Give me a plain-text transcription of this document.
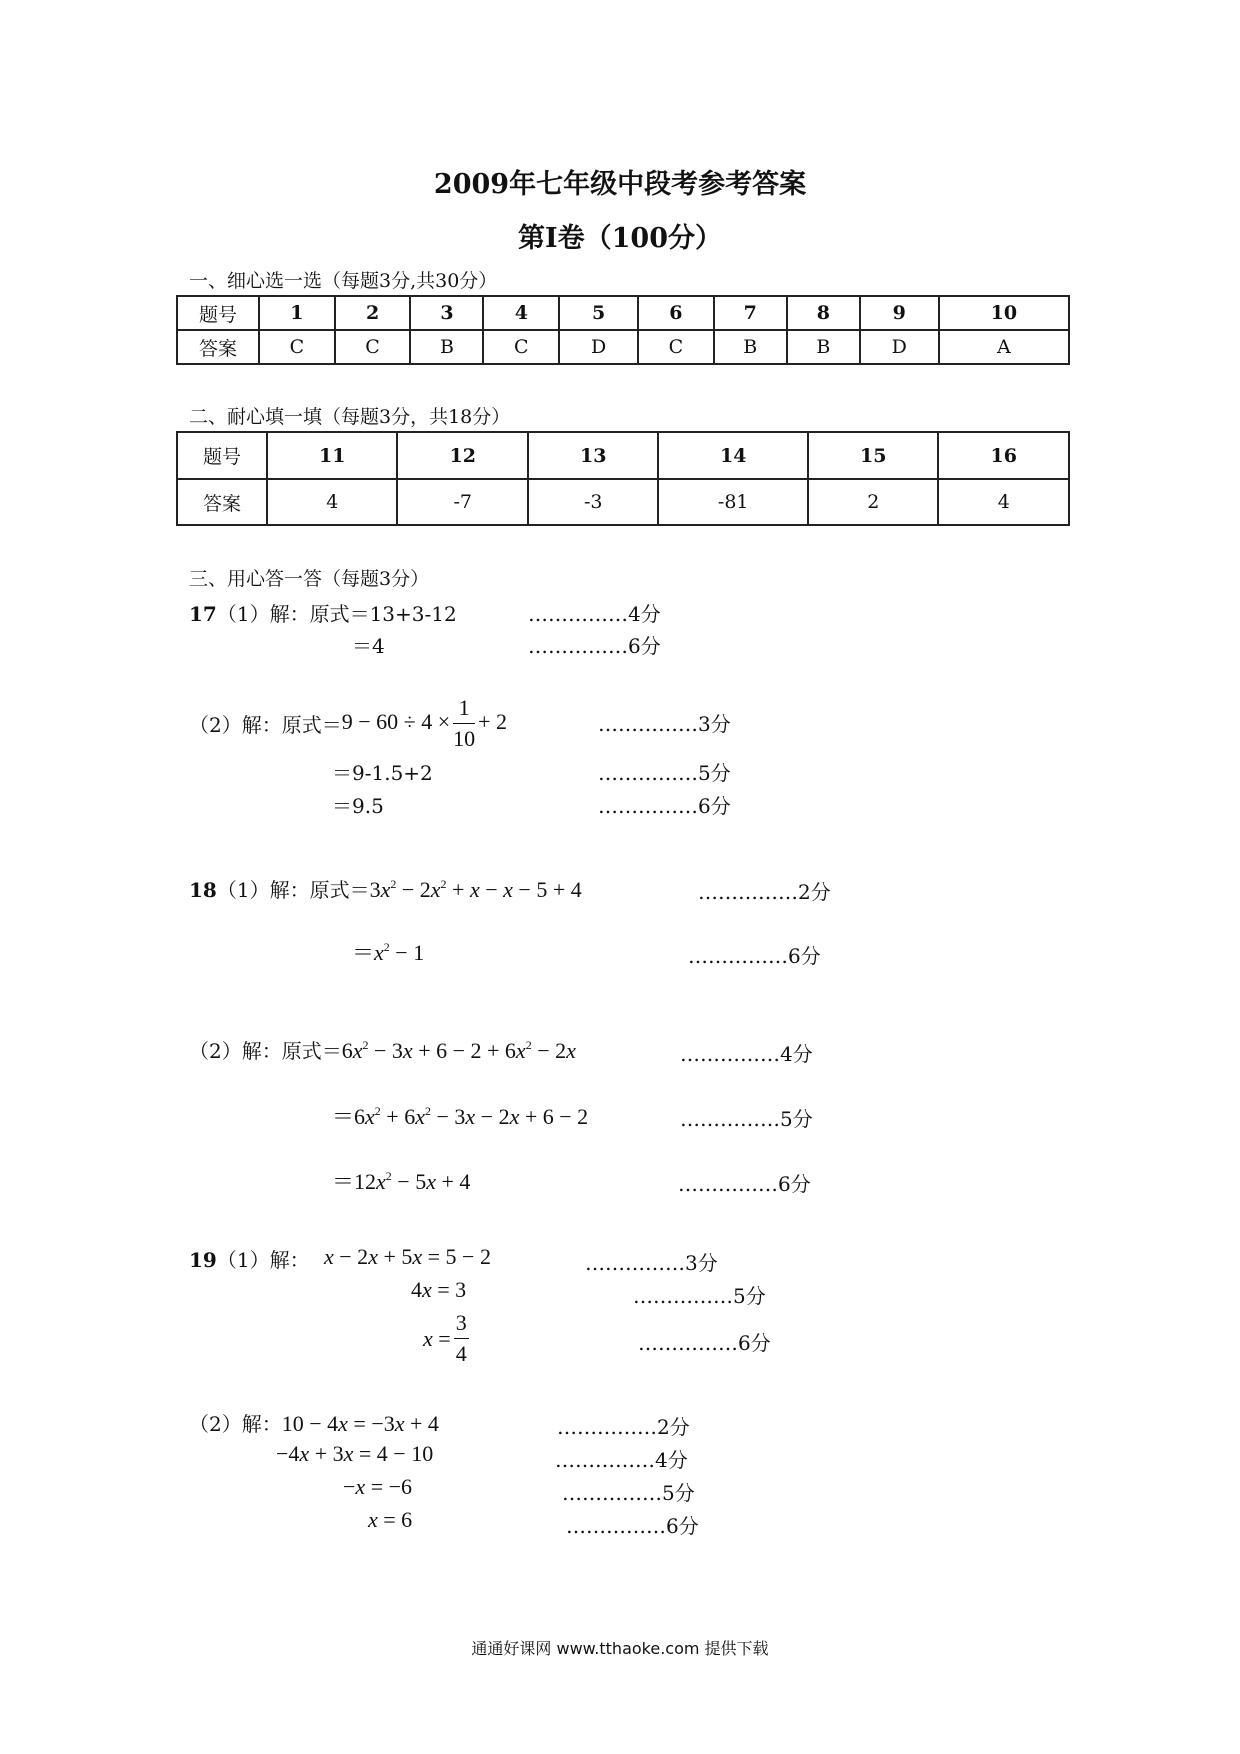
2009年七年级中段考参考答案
第Ⅰ卷（100分）
一、细心选一选（每题3分,共30分）
题号	1	2	3	4	5	6	7	8	9	10
答案	C	C	B	C	D	C	B	B	D	A
二、耐心填一填（每题3分，共18分）
题号	11	12	13	14	15	16
答案	4	-7	-3	-81	2	4
三、用心答一答（每题3分）
17（1）解：原式＝13+3-12	……………4分
＝4	……………6分
（2）解：原式$=9 - 60 \div 4 \times \frac{1}{10} + 2$	……………3分
＝9-1.5+2	……………5分
＝9.5	……………6分
18（1）解：原式$=3x^2 - 2x^2 + x - x - 5 + 4$	……………2分
$=x^2 - 1$	……………6分
（2）解：原式$=6x^2 - 3x + 6 - 2 + 6x^2 - 2x$	……………4分
$=6x^2 + 6x^2 - 3x - 2x + 6 - 2$	……………5分
$=12x^2 - 5x + 4$	……………6分
19（1）解： x − 2x + 5x = 5 − 2	……………3分
4x = 3	……………5分
$x = \frac{3}{4}$	……………6分
（2）解：10 − 4x = −3x + 4	……………2分
−4x + 3x = 4 − 10	……………4分
−x = −6	……………5分
x = 6	……………6分
通通好课网 www.tthaoke.com 提供下载
